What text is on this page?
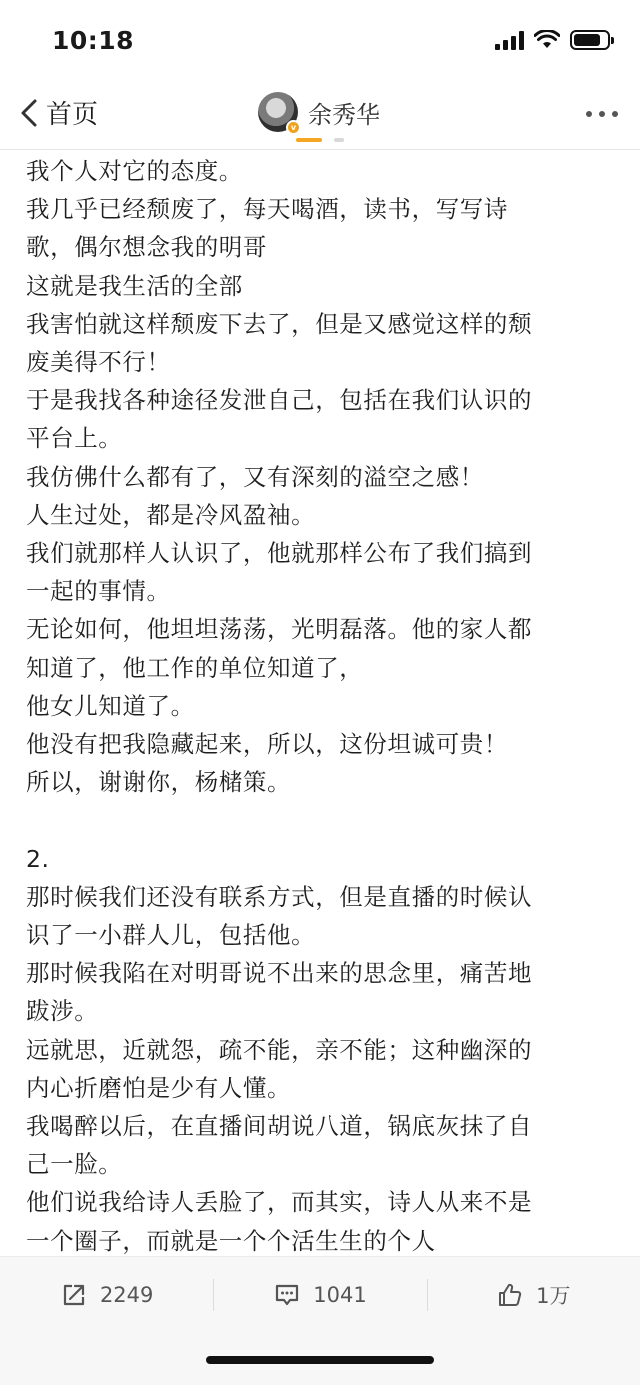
10:18
首页	v 余秀华

我个人对它的态度。

我几乎已经颓废了，每天喝酒，读书，写写诗

歌，偶尔想念我的明哥

这就是我生活的全部

我害怕就这样颓废下去了，但是又感觉这样的颓

废美得不行！

于是我找各种途径发泄自己，包括在我们认识的

平台上。

我仿佛什么都有了，又有深刻的溢空之感！

人生过处，都是冷风盈袖。

我们就那样人认识了，他就那样公布了我们搞到

一起的事情。

无论如何，他坦坦荡荡，光明磊落。他的家人都

知道了，他工作的单位知道了，

他女儿知道了。

他没有把我隐藏起来，所以，这份坦诚可贵！

所以，谢谢你，杨槠策。

2.

那时候我们还没有联系方式，但是直播的时候认

识了一小群人儿，包括他。

那时候我陷在对明哥说不出来的思念里，痛苦地

跋涉。

远就思，近就怨，疏不能，亲不能；这种幽深的

内心折磨怕是少有人懂。

我喝醉以后，在直播间胡说八道，锅底灰抹了自

己一脸。

他们说我给诗人丢脸了，而其实，诗人从来不是

一个圈子，而就是一个个活生生的个人

2249	1041	1万
